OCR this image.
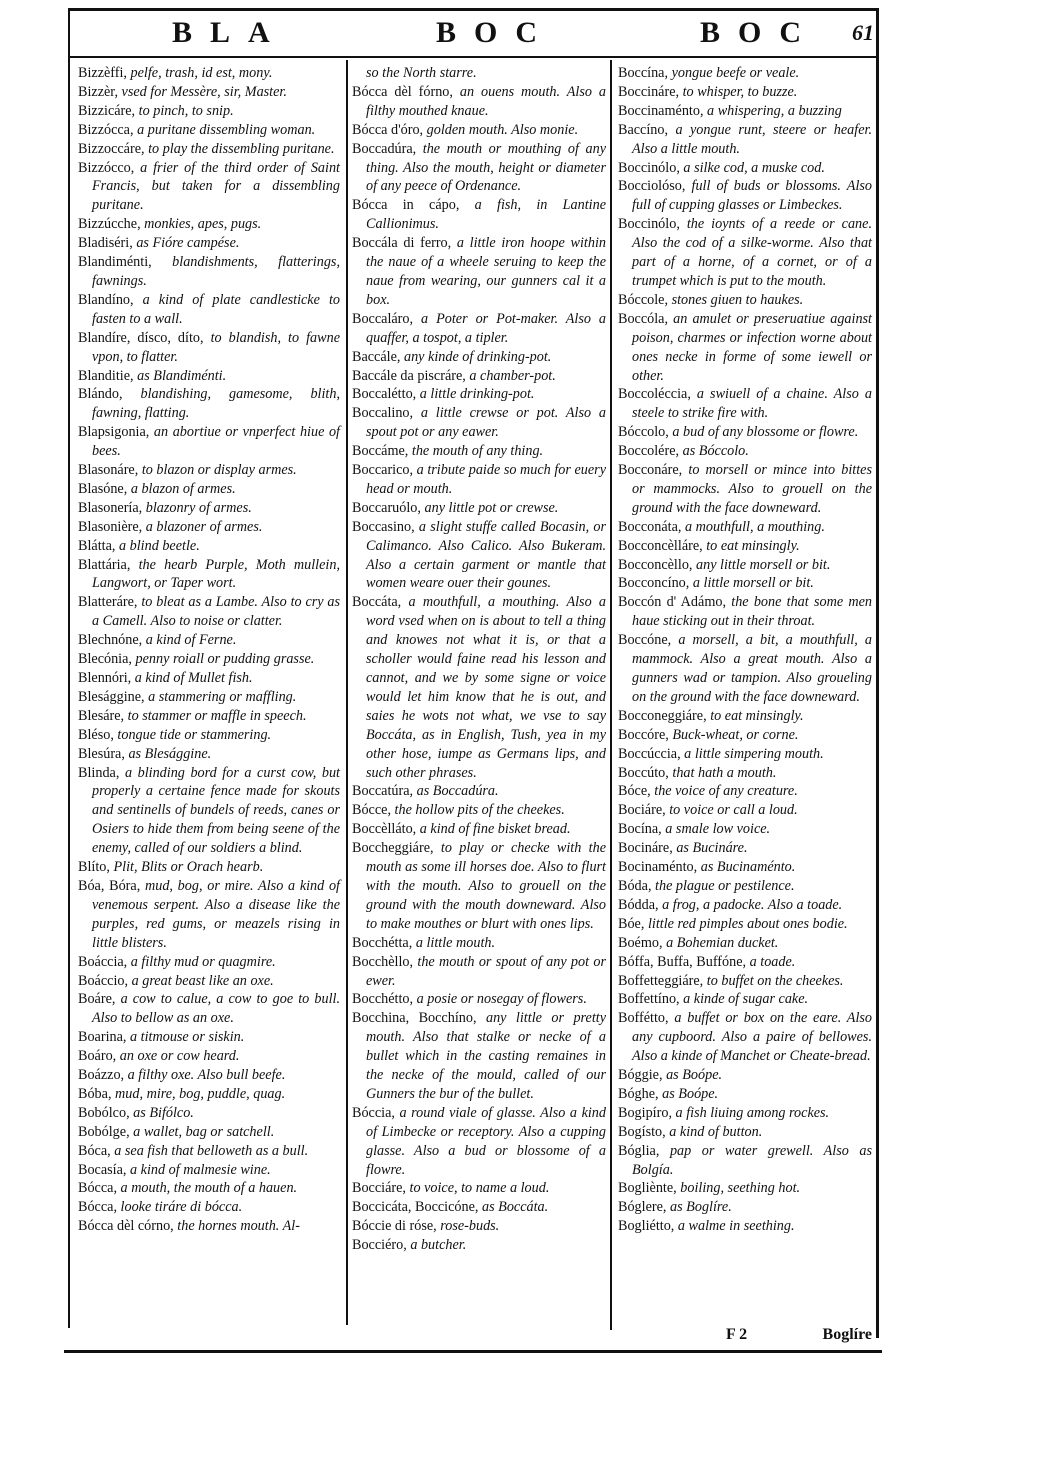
BLA	BOC	BOC 61
Bizzèffi, pelfe, trash, id est, mony.
Bizzèr, vsed for Messère, sir, Master.
Bizzicáre, to pinch, to snip.
Bizzócca, a puritane dissembling woman.
Bizzoccáre, to play the dissembling puritane.
Bizzócco, a frier of the third order of Saint Francis, but taken for a dissembling puritane.
Bizzúcche, monkies, apes, pugs.
Bladiséri, as Fióre campése.
Blandiménti, blandishments, flatterings, fawnings.
Blandíno, a kind of plate candlesticke to fasten to a wall.
Blandíre, dísco, díto, to blandish, to fawne vpon, to flatter.
Blanditie, as Blandiménti.
Blándo, blandishing, gamesome, blith, fawning, flatting.
Blapsigonia, an abortiue or vnperfect hiue of bees.
Blasonáre, to blazon or display armes.
Blasóne, a blazon of armes.
Blasonería, blazonry of armes.
Blasonière, a blazoner of armes.
Blátta, a blind beetle.
Blattária, the hearb Purple, Moth mullein, Langwort, or Taper wort.
Blatteráre, to bleat as a Lambe. Also to cry as a Camell. Also to noise or clatter.
Blechnóne, a kind of Ferne.
Blecónia, penny roiall or pudding grasse.
Blennóri, a kind of Mullet fish.
Blesággine, a stammering or maffling.
Blesáre, to stammer or maffle in speech.
Bléso, tongue tide or stammering.
Blesúra, as Blesággine.
Blinda, a blinding bord for a curst cow, but properly a certaine fence made for skouts and sentinells of bundels of reeds, canes or Osiers to hide them from being seene of the enemy, called of our soldiers a blind.
Blíto, Plit, Blits or Orach hearb.
Bóa, Bóra, mud, bog, or mire. Also a kind of venemous serpent. Also a disease like the purples, red gums, or meazels rising in little blisters.
Boáccia, a filthy mud or quagmire.
Boáccio, a great beast like an oxe.
Boáre, a cow to calue, a cow to goe to bull. Also to bellow as an oxe.
Boarina, a titmouse or siskin.
Boáro, an oxe or cow heard.
Boázzo, a filthy oxe. Also bull beefe.
Bóba, mud, mire, bog, puddle, quag.
Bobólco, as Bifólco.
Bobólge, a wallet, bag or satchell.
Bóca, a sea fish that belloweth as a bull.
Bocasía, a kind of malmesie wine.
Bócca, a mouth, the mouth of a hauen.
Bócca, looke tiráre di bócca.
Bócca dèl córno, the hornes mouth. Al-
so the North starre.
Bócca dèl fórno, an ouens mouth. Also a filthy mouthed knaue.
Bócca d'óro, golden mouth. Also monie.
Boccadúra, the mouth or mouthing of any thing. Also the mouth, height or diameter of any peece of Ordenance.
Bócca in cápo, a fish, in Lantine Callionimus.
Boccála di ferro, a little iron hoope within the naue of a wheele seruing to keep the naue from wearing, our gunners cal it a box.
Boccaláro, a Poter or Pot-maker. Also a quaffer, a tospot, a tipler.
Baccále, any kinde of drinking-pot.
Baccále da piscráre, a chamber-pot.
Boccalétto, a little drinking-pot.
Boccalino, a little crewse or pot. Also a spout pot or any eawer.
Boccáme, the mouth of any thing.
Boccarico, a tribute paide so much for euery head or mouth.
Boccaruólo, any little pot or crewse.
Boccasino, a slight stuffe called Bocasin, or Calimanco. Also Calico. Also Bukeram. Also a certain garment or mantle that women weare ouer their gounes.
Boccáta, a mouthfull, a mouthing. Also a word vsed when on is about to tell a thing and knowes not what it is, or that a scholler would faine read his lesson and cannot, and we by some signe or voice would let him know that he is out, and saies he wots not what, we vse to say Boccáta, as in English, Tush, yea in my other hose, iumpe as Germans lips, and such other phrases.
Boccatúra, as Boccadúra.
Bócce, the hollow pits of the cheekes.
Boccèlláto, a kind of fine bisket bread.
Boccheggiáre, to play or checke with the mouth as some ill horses doe. Also to flurt with the mouth. Also to grouell on the ground with the mouth downeward. Also to make mouthes or blurt with ones lips.
Bocchétta, a little mouth.
Bocchèllo, the mouth or spout of any pot or ewer.
Bocchétto, a posie or nosegay of flowers.
Bocchina, Bocchíno, any little or pretty mouth. Also that stalke or necke of a bullet which in the casting remaines in the necke of the mould, called of our Gunners the bur of the bullet.
Bóccia, a round viale of glasse. Also a kind of Limbecke or receptory. Also a cupping glasse. Also a bud or blossome of a flowre.
Bocciáre, to voice, to name a loud.
Boccicáta, Boccicóne, as Boccáta.
Bóccie di róse, rose-buds.
Bocciéro, a butcher.
Boccína, yongue beefe or veale.
Boccináre, to whisper, to buzze.
Boccinaménto, a whispering, a buzzing
Baccíno, a yongue runt, steere or heafer. Also a little mouth.
Boccinólo, a silke cod, a muske cod.
Bocciolóso, full of buds or blossoms. Also full of cupping glasses or Limbeckes.
Boccinólo, the ioynts of a reede or cane. Also the cod of a silke-worme. Also that part of a horne, of a cornet, or of a trumpet which is put to the mouth.
Bóccole, stones giuen to haukes.
Boccóla, an amulet or preseruatiue against poison, charmes or infection worne about ones necke in forme of some iewell or other.
Boccoléccia, a swiuell of a chaine. Also a steele to strike fire with.
Bóccolo, a bud of any blossome or flowre.
Boccolére, as Bóccolo.
Bocconáre, to morsell or mince into bittes or mammocks. Also to grouell on the ground with the face downeward.
Bocconáta, a mouthfull, a mouthing.
Bocconcèlláre, to eat minsingly.
Bocconcèllo, any little morsell or bit.
Bocconcíno, a little morsell or bit.
Boccón d' Adámo, the bone that some men haue sticking out in their throat.
Boccóne, a morsell, a bit, a mouthfull, a mammock. Also a great mouth. Also a gunners wad or tampion. Also groueling on the ground with the face downeward.
Bocconeggiáre, to eat minsingly.
Boccóre, Buck-wheat, or corne.
Boccúccia, a little simpering mouth.
Boccúto, that hath a mouth.
Bóce, the voice of any creature.
Bociáre, to voice or call a loud.
Bocína, a smale low voice.
Bocináre, as Bucináre.
Bocinaménto, as Bucinaménto.
Bóda, the plague or pestilence.
Bódda, a frog, a padocke. Also a toade.
Bóe, little red pimples about ones bodie.
Boémo, a Bohemian ducket.
Bóffa, Buffa, Buffóne, a toade.
Boffetteggiáre, to buffet on the cheekes.
Boffettíno, a kinde of sugar cake.
Boffétto, a buffet or box on the eare. Also any cupboord. Also a paire of bellowes. Also a kinde of Manchet or Cheate-bread.
Bóggie, as Boópe.
Bóghe, as Boópe.
Bogipíro, a fish liuing among rockes.
Bogísto, a kind of button.
Bóglia, pap or water grewell. Also as Bolgía.
Bogliènte, boiling, seething hot.
Bóglere, as Boglíre.
Bogliétto, a walme in seething.
F 2	Boglíre
